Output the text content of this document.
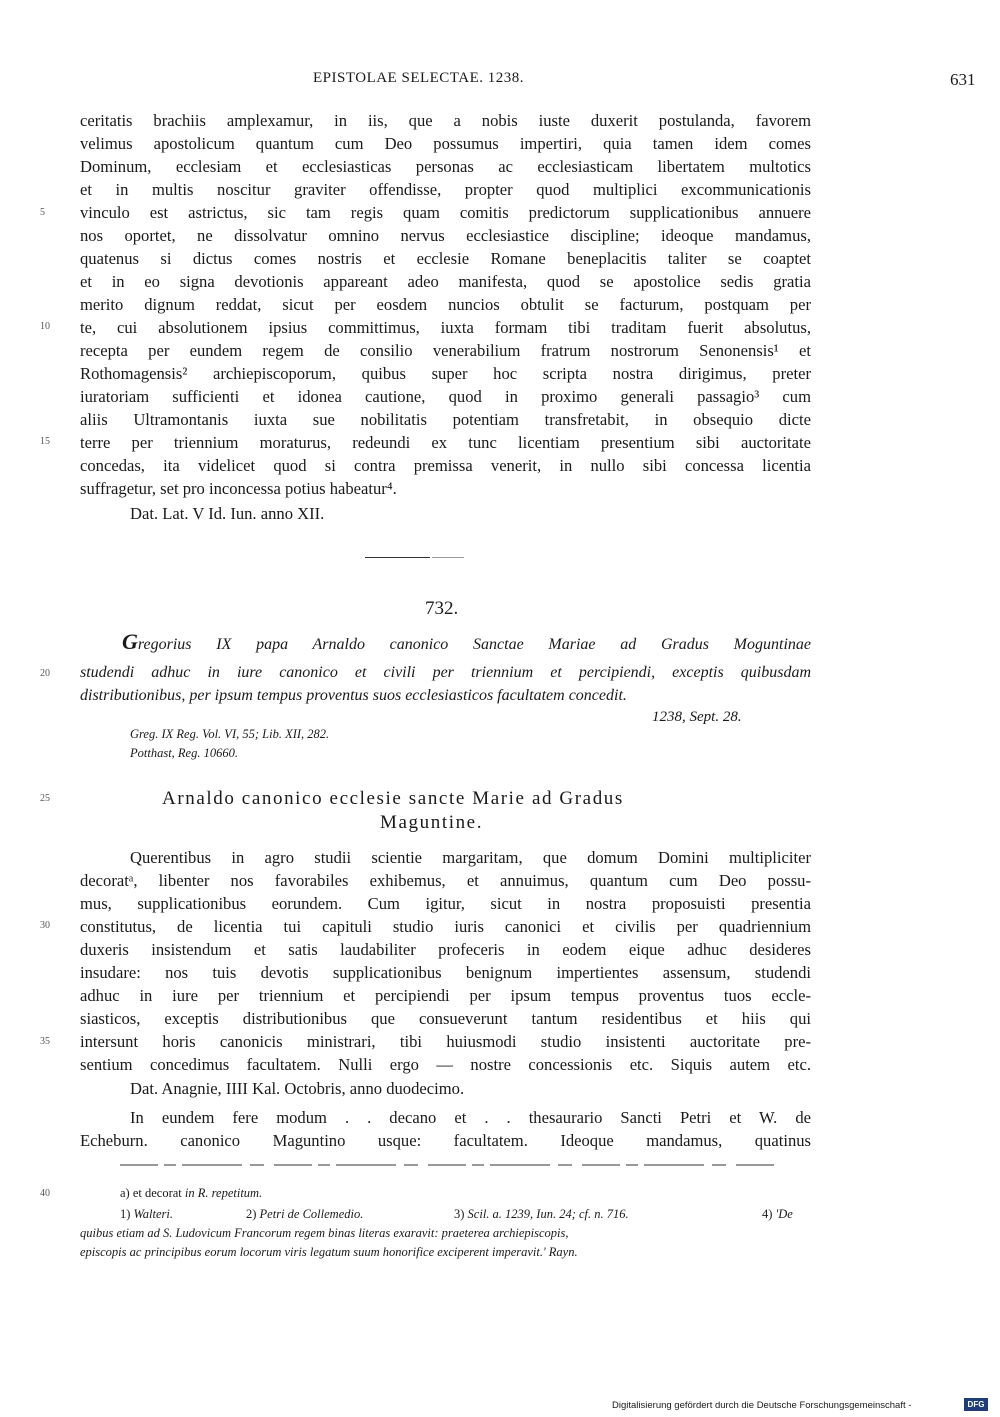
EPISTOLAE SELECTAE. 1238.	631
ceritatis brachiis amplexamur, in iis, que a nobis iuste duxerit postulanda, favorem
velimus apostolicum quantum cum Deo possumus impertiri, quia tamen idem comes
Dominum, ecclesiam et ecclesiasticas personas ac ecclesiasticam libertatem multotics
et in multis noscitur graviter offendisse, propter quod multiplici excommunicationis
vinculo est astrictus, sic tam regis quam comitis predictorum supplicationibus annuere
nos oportet, ne dissolvatur omnino nervus ecclesiastice discipline; ideoque mandamus,
quatenus si dictus comes nostris et ecclesie Romane beneplacitis taliter se coaptet
et in eo signa devotionis appareant adeo manifesta, quod se apostolice sedis gratia
merito dignum reddat, sicut per eosdem nuncios obtulit se facturum, postquam per
te, cui absolutionem ipsius committimus, iuxta formam tibi traditam fuerit absolutus,
recepta per eundem regem de consilio venerabilium fratrum nostrorum Senonensis¹ et
Rothomagensis² archiepiscoporum, quibus super hoc scripta nostra dirigimus, preter
iuratoriam sufficienti et idonea cautione, quod in proximo generali passagio³ cum
aliis Ultramontanis iuxta sue nobilitatis potentiam transfretabit, in obsequio dicte
terre per triennium moraturus, redeundi ex tunc licentiam presentium sibi auctoritate
concedas, ita videlicet quod si contra premissa venerit, in nullo sibi concessa licentia
suffragetur, set pro inconcessa potius habeatur⁴.
Dat. Lat. V Id. Iun. anno XII.
732.
Gregorius IX papa Arnaldo canonico Sanctae Mariae ad Gradus Moguntinae
studendi adhuc in iure canonico et civili per triennium et percipiendi, exceptis quibusdam
distributionibus, per ipsum tempus proventus suos ecclesiasticos facultatem concedit.
1238, Sept. 28.
Greg. IX Reg. Vol. VI, 55; Lib. XII, 282.
Potthast, Reg. 10660.
Arnaldo canonico ecclesie sancte Marie ad Gradus
Maguntine.
Querentibus in agro studii scientie margaritam, que domum Domini multipliciter
decoratᵃ, libenter nos favorabiles exhibemus, et annuimus, quantum cum Deo possu-
mus, supplicationibus eorundem. Cum igitur, sicut in nostra proposuisti presentia
constitutus, de licentia tui capituli studio iuris canonici et civilis per quadriennium
duxeris insistendum et satis laudabiliter profeceris in eodem eique adhuc desideres
insudare: nos tuis devotis supplicationibus benignum impertientes assensum, studendi
adhuc in iure per triennium et percipiendi per ipsum tempus proventus tuos eccle-
siasticos, exceptis distributionibus que consueverunt tantum residentibus et hiis qui
intersunt horis canonicis ministrari, tibi huiusmodi studio insistenti auctoritate pre-
sentium concedimus facultatem. Nulli ergo — nostre concessionis etc. Siquis autem etc.
Dat. Anagnie, IIII Kal. Octobris, anno duodecimo.
In eundem fere modum . . decano et . . thesaurario Sancti Petri et W. de
Echeburn. canonico Maguntino usque: facultatem. Ideoque mandamus, quatinus
a) et decorat in R. repetitum.
1) Walteri.	2) Petri de Collemedio.	3) Scil. a. 1239, Iun. 24; cf. n. 716.	4) 'De
quibus etiam ad S. Ludovicum Francorum regem binas literas exaravit: praeterea archiepiscopis,
episcopis ac principibus eorum locorum viris legatum suum honorifice exciperent imperavit.' Rayn.
5
10
15
20
25
30
35
40
Digitalisierung gefördert durch die Deutsche Forschungsgemeinschaft -	DFG
